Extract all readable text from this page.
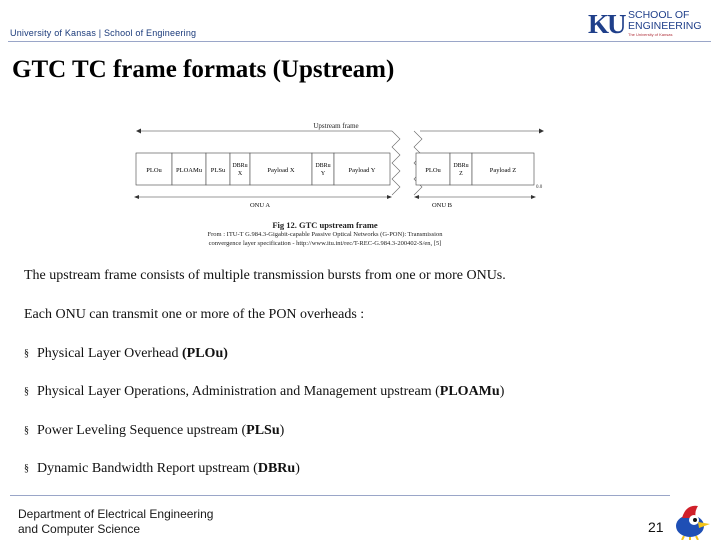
University of Kansas | School of Engineering	KU SCHOOL OF
ENGINEERING
The University of Kansas
GTC TC frame formats (Upstream)
Upstream frame
PLOu PLOAMu PLSu
DBRu
X	Payload X
DBRu
Y	Payload Y	PLOu
DBRu
Z	Payload Z
0.0
ONU A	ONU B
Fig 12. GTC upstream frame
From : ITU-T G.984.3-Gigabit-capable Passive Optical Networks (G-PON): Transmission
convergence layer specification - http://www.itu.int/rec/T-REC-G.984.3-200402-S/en, [5]
The upstream frame consists of multiple transmission bursts from one or more ONUs.
Each ONU can transmit one or more of the PON overheads :
§ Physical Layer Overhead (PLOu)
§ Physical Layer Operations, Administration and Management upstream (PLOAMu)
§ Power Leveling Sequence upstream (PLSu)
§ Dynamic Bandwidth Report upstream (DBRu)
Department of Electrical Engineering
and Computer Science	21
